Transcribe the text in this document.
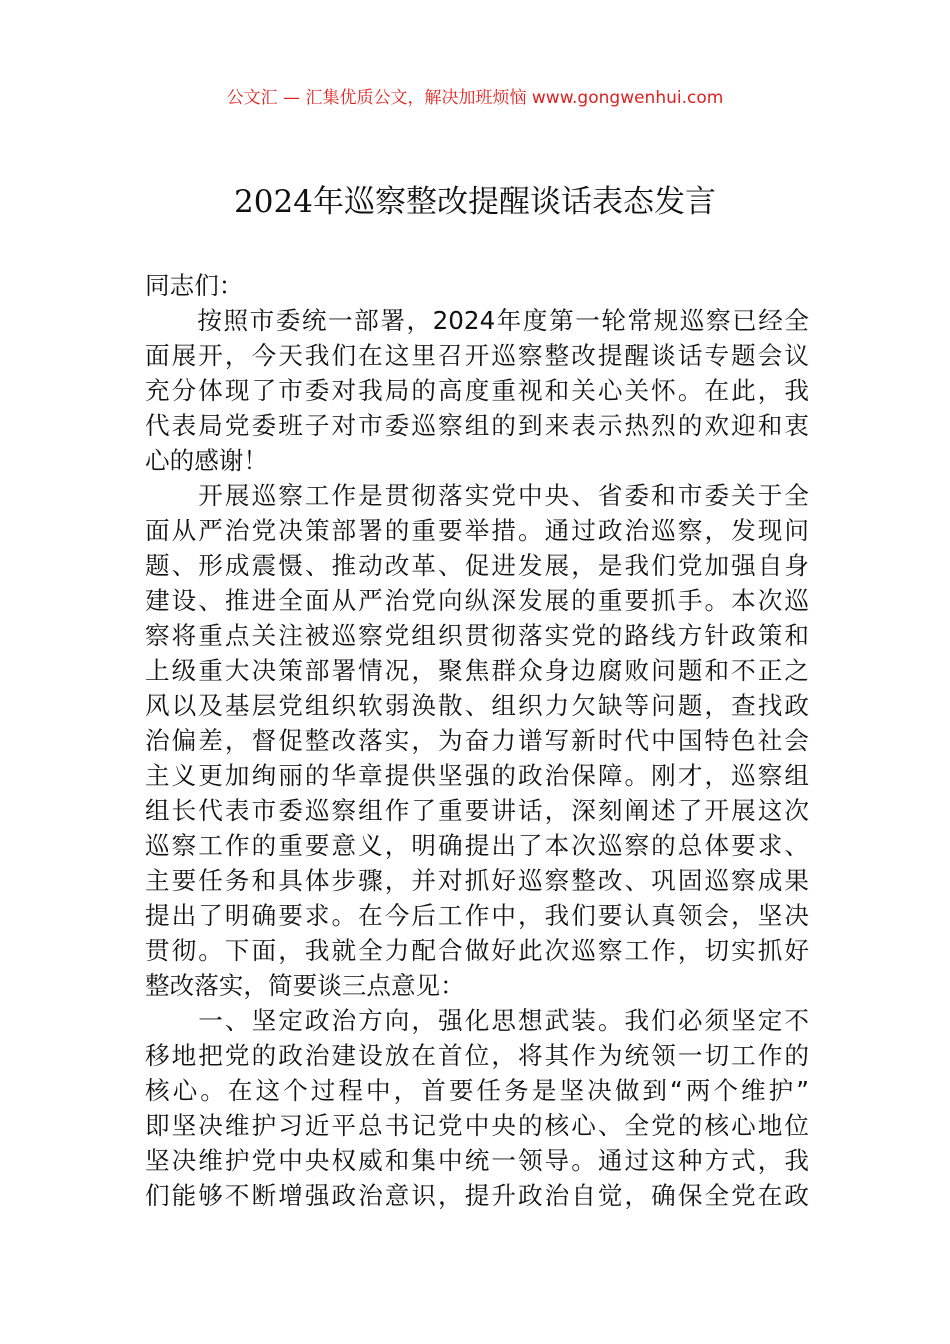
公文汇 — 汇集优质公文，解决加班烦恼 www.gongwenhui.com
2024年巡察整改提醒谈话表态发言
同志们：
　　按照市委统一部署，2024年度第一轮常规巡察已经全
面展开，今天我们在这里召开巡察整改提醒谈话专题会议
充分体现了市委对我局的高度重视和关心关怀。在此，我
代表局党委班子对市委巡察组的到来表示热烈的欢迎和衷
心的感谢！
　　开展巡察工作是贯彻落实党中央、省委和市委关于全
面从严治党决策部署的重要举措。通过政治巡察，发现问
题、形成震慑、推动改革、促进发展，是我们党加强自身
建设、推进全面从严治党向纵深发展的重要抓手。本次巡
察将重点关注被巡察党组织贯彻落实党的路线方针政策和
上级重大决策部署情况，聚焦群众身边腐败问题和不正之
风以及基层党组织软弱涣散、组织力欠缺等问题，查找政
治偏差，督促整改落实，为奋力谱写新时代中国特色社会
主义更加绚丽的华章提供坚强的政治保障。刚才，巡察组
组长代表市委巡察组作了重要讲话，深刻阐述了开展这次
巡察工作的重要意义，明确提出了本次巡察的总体要求、
主要任务和具体步骤，并对抓好巡察整改、巩固巡察成果
提出了明确要求。在今后工作中，我们要认真领会，坚决
贯彻。下面，我就全力配合做好此次巡察工作，切实抓好
整改落实，简要谈三点意见：
　　一、坚定政治方向，强化思想武装。我们必须坚定不
移地把党的政治建设放在首位，将其作为统领一切工作的
核心。在这个过程中，首要任务是坚决做到“两个维护”
即坚决维护习近平总书记党中央的核心、全党的核心地位
坚决维护党中央权威和集中统一领导。通过这种方式，我
们能够不断增强政治意识，提升政治自觉，确保全党在政
